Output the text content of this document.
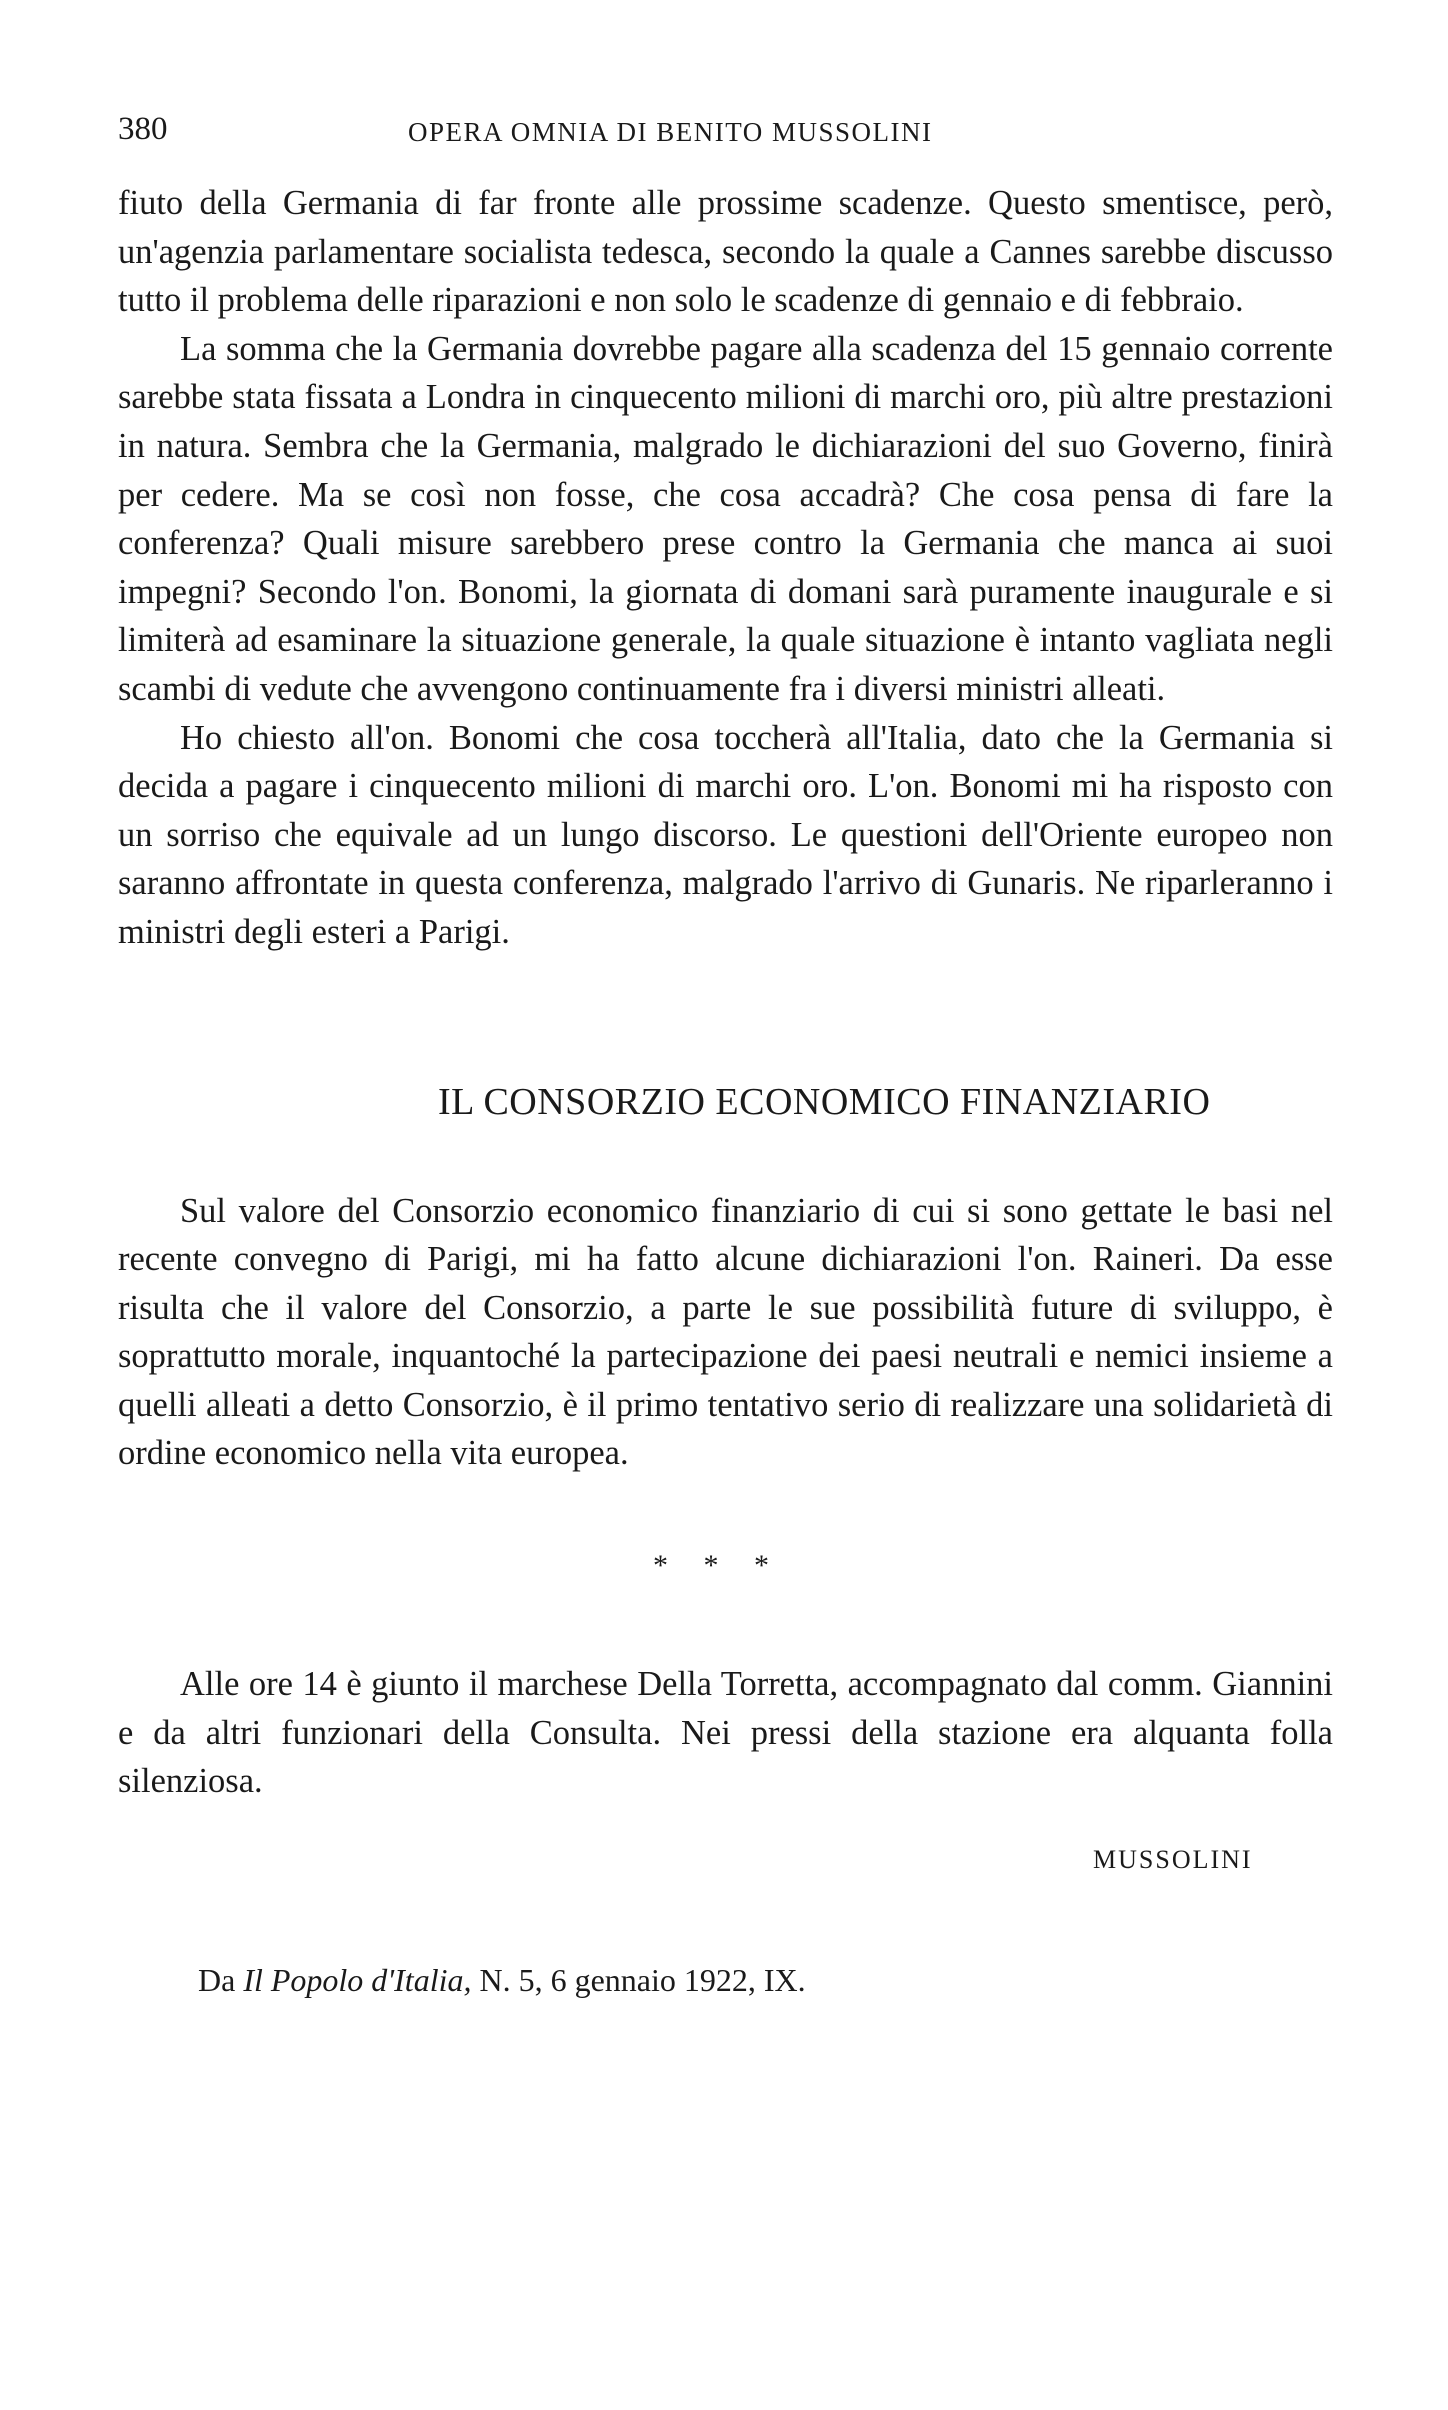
380	OPERA OMNIA DI BENITO MUSSOLINI

fiuto della Germania di far fronte alle prossime scadenze. Questo smentisce, però, un'agenzia parlamentare socialista tedesca, secondo la quale a Cannes sarebbe discusso tutto il problema delle riparazioni e non solo le scadenze di gennaio e di febbraio.

La somma che la Germania dovrebbe pagare alla scadenza del 15 gennaio corrente sarebbe stata fissata a Londra in cinquecento milioni di marchi oro, più altre prestazioni in natura. Sembra che la Germania, malgrado le dichiarazioni del suo Governo, finirà per cedere. Ma se così non fosse, che cosa accadrà? Che cosa pensa di fare la conferenza? Quali misure sarebbero prese contro la Germania che manca ai suoi impegni? Secondo l'on. Bonomi, la giornata di domani sarà puramente inaugurale e si limiterà ad esaminare la situazione generale, la quale situazione è intanto vagliata negli scambi di vedute che avvengono continuamente fra i diversi ministri alleati.

Ho chiesto all'on. Bonomi che cosa toccherà all'Italia, dato che la Germania si decida a pagare i cinquecento milioni di marchi oro. L'on. Bonomi mi ha risposto con un sorriso che equivale ad un lungo discorso. Le questioni dell'Oriente europeo non saranno affrontate in questa conferenza, malgrado l'arrivo di Gunaris. Ne riparleranno i ministri degli esteri a Parigi.

IL CONSORZIO ECONOMICO FINANZIARIO

Sul valore del Consorzio economico finanziario di cui si sono gettate le basi nel recente convegno di Parigi, mi ha fatto alcune dichiarazioni l'on. Raineri. Da esse risulta che il valore del Consorzio, a parte le sue possibilità future di sviluppo, è soprattutto morale, inquantoché la partecipazione dei paesi neutrali e nemici insieme a quelli alleati a detto Consorzio, è il primo tentativo serio di realizzare una solidarietà di ordine economico nella vita europea.

* * *

Alle ore 14 è giunto il marchese Della Torretta, accompagnato dal comm. Giannini e da altri funzionari della Consulta. Nei pressi della stazione era alquanta folla silenziosa.

MUSSOLINI
Da Il Popolo d'Italia, N. 5, 6 gennaio 1922, IX.
